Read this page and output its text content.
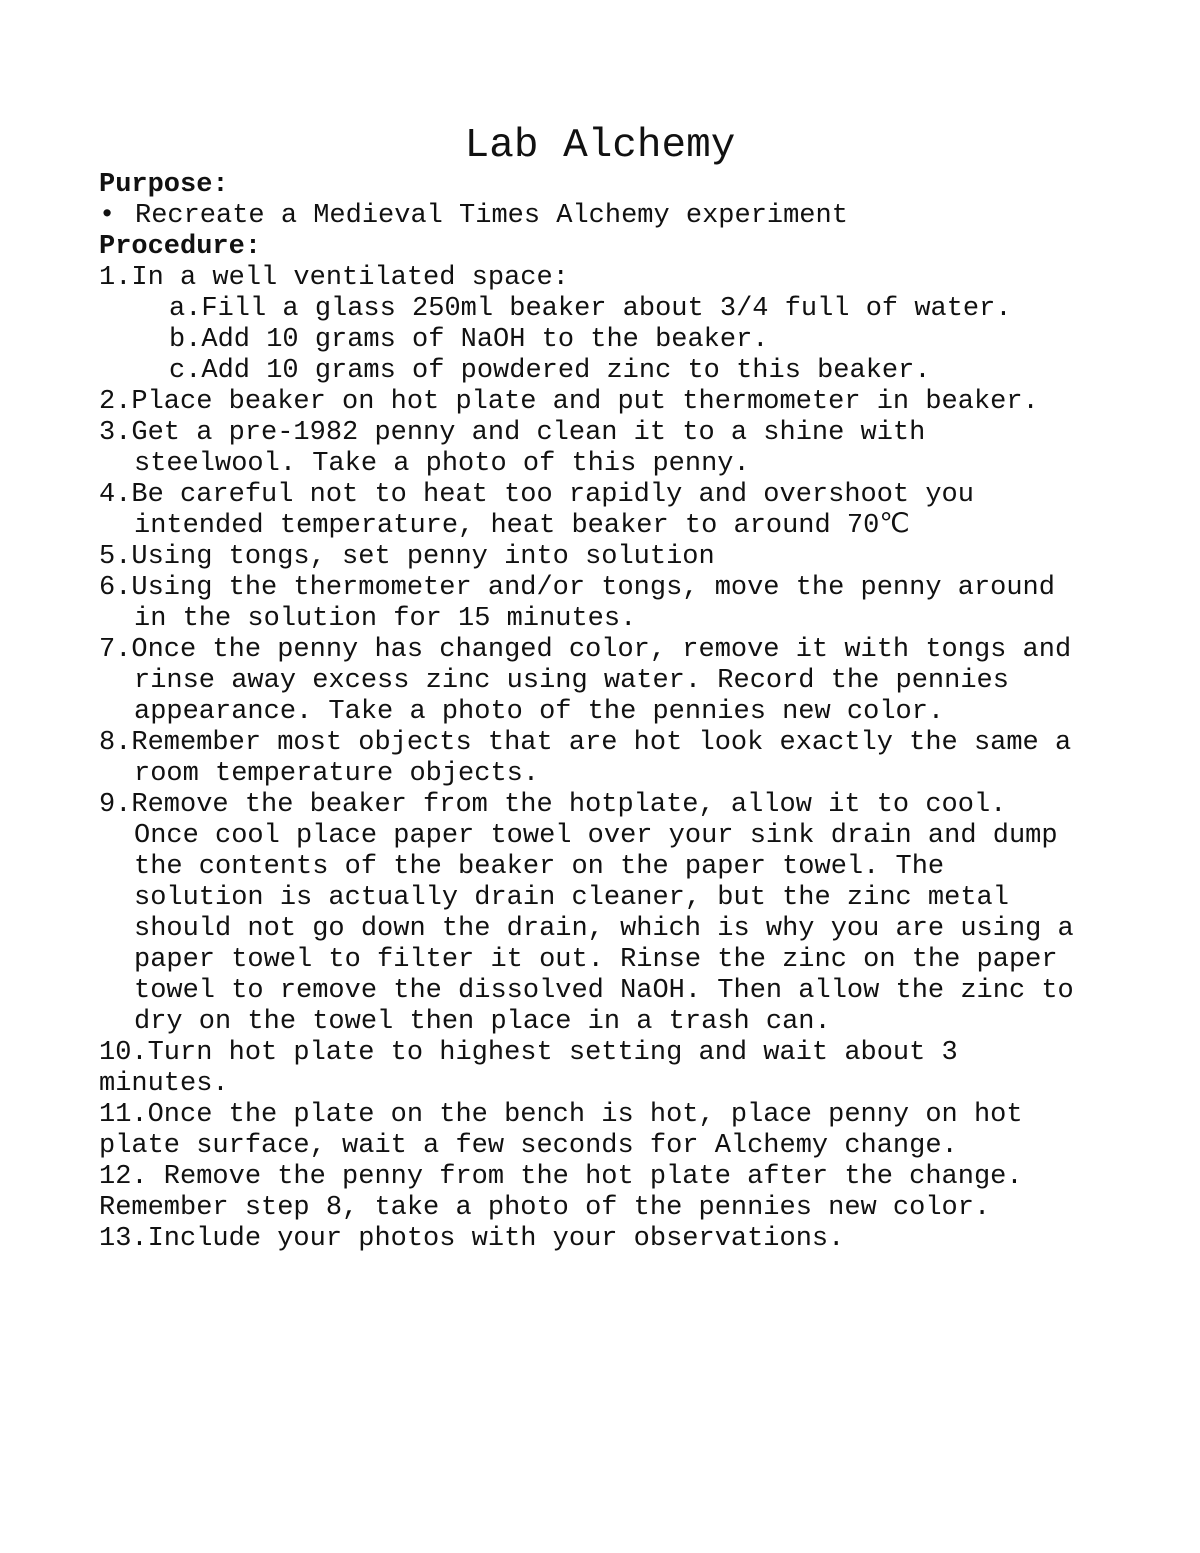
Lab Alchemy
Purpose:
• Recreate a Medieval Times Alchemy experiment
Procedure:
1.In a well ventilated space:
a.Fill a glass 250ml beaker about 3/4 full of water.
b.Add 10 grams of NaOH to the beaker.
c.Add 10 grams of powdered zinc to this beaker.
2.Place beaker on hot plate and put thermometer in beaker.
3.Get a pre-1982 penny and clean it to a shine with
steelwool. Take a photo of this penny.
4.Be careful not to heat too rapidly and overshoot you
intended temperature, heat beaker to around 70℃
5.Using tongs, set penny into solution
6.Using the thermometer and/or tongs, move the penny around
in the solution for 15 minutes.
7.Once the penny has changed color, remove it with tongs and
rinse away excess zinc using water. Record the pennies
appearance. Take a photo of the pennies new color.
8.Remember most objects that are hot look exactly the same a
room temperature objects.
9.Remove the beaker from the hotplate, allow it to cool.
Once cool place paper towel over your sink drain and dump
the contents of the beaker on the paper towel. The
solution is actually drain cleaner, but the zinc metal
should not go down the drain, which is why you are using a
paper towel to filter it out. Rinse the zinc on the paper
towel to remove the dissolved NaOH. Then allow the zinc to
dry on the towel then place in a trash can.
10.Turn hot plate to highest setting and wait about 3
minutes.
11.Once the plate on the bench is hot, place penny on hot
plate surface, wait a few seconds for Alchemy change.
12. Remove the penny from the hot plate after the change.
Remember step 8, take a photo of the pennies new color.
13.Include your photos with your observations.
